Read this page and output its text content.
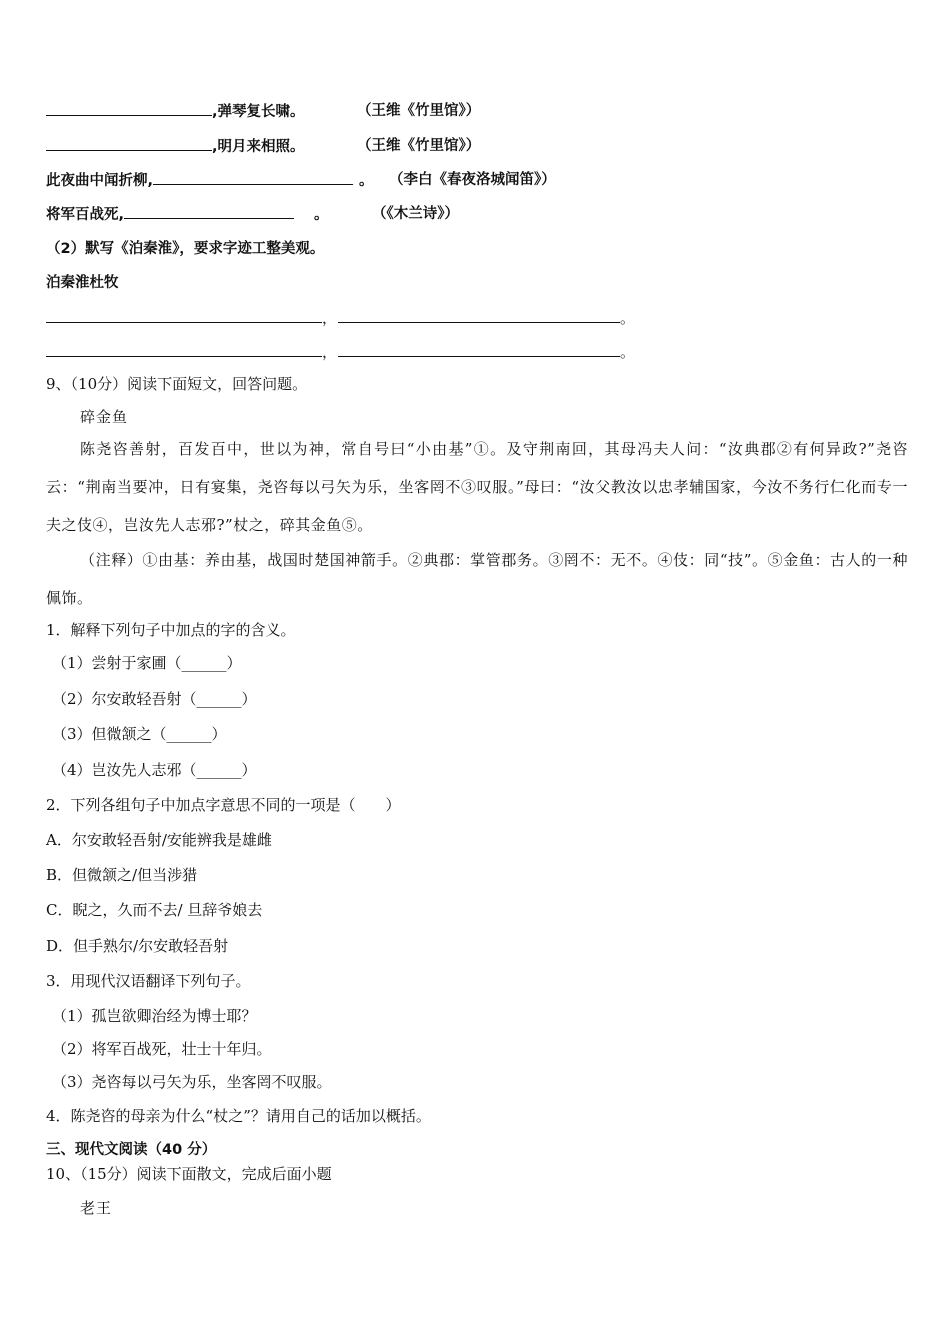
,弹琴复长啸。	（王维《竹里馆》）
,明月来相照。	（王维《竹里馆》）
此夜曲中闻折柳,	。 （李白《春夜洛城闻笛》）
将军百战死,	。	（《木兰诗》）
（2）默写《泊秦淮》，要求字迹工整美观。
泊秦淮杜牧
，	。
，	。
9、（10分）阅读下面短文，回答问题。
碎金鱼
陈尧咨善射，百发百中，世以为神，常自号曰“小由基”①。及守荆南回，其母冯夫人问：“汝典郡②有何异政?”尧咨云：“荆南当要冲，日有宴集，尧咨每以弓矢为乐，坐客罔不③叹服。”母曰：“汝父教汝以忠孝辅国家，今汝不务行仁化而专一夫之伎④，岂汝先人志邪?”杖之，碎其金鱼⑤。
（注释）①由基：养由基，战国时楚国神箭手。②典郡：掌管郡务。③罔不：无不。④伎：同“技”。⑤金鱼：古人的一种佩饰。
1．解释下列句子中加点的字的含义。
（1）尝射于家圃（______）
（2）尔安敢轻吾射（______）
（3）但微颔之（______）
（4）岂汝先人志邪（______）
2．下列各组句子中加点字意思不同的一项是（　　）
A．尔安敢轻吾射/安能辨我是雄雌
B．但微颔之/但当涉猎
C．睨之，久而不去/ 旦辞爷娘去
D．但手熟尔/尔安敢轻吾射
3．用现代汉语翻译下列句子。
（1）孤岂欲卿治经为博士耶？
（2）将军百战死，壮士十年归。
（3）尧咨每以弓矢为乐，坐客罔不叹服。
4．陈尧咨的母亲为什么“杖之”？请用自己的话加以概括。
三、现代文阅读（40 分）
10、（15分）阅读下面散文，完成后面小题
老王
